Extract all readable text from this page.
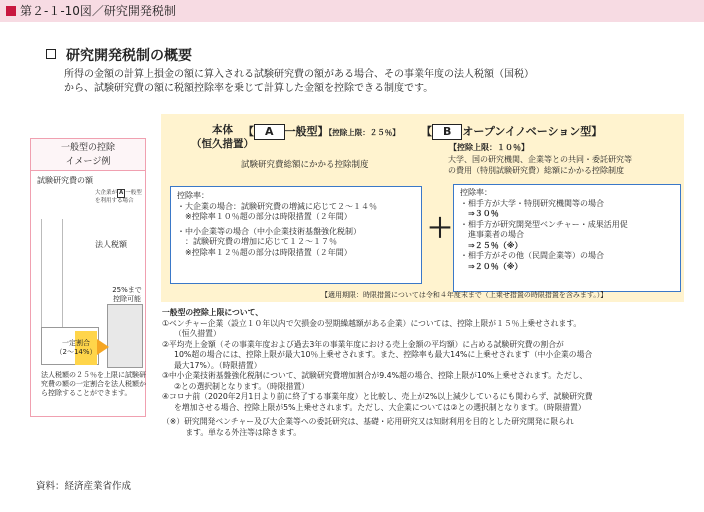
第２-１-10図／研究開発税制
研究開発税制の概要
所得の金額の計算上損金の額に算入される試験研究費の額がある場合、その事業年度の法人税額（国税）
から、試験研究費の額に税額控除率を乗じて計算した金額を控除できる制度です。
一般型の控除
イメージ例
試験研究費の額
大企業が A 一般型
を利用する場合
法人税額
25%まで
控除可能
一定割合
（2〜14%）
法人税額の２５％を上限に試験研究費の額の一定割合を法人税額から控除することができます。
本体
（恒久措置）
【 A 一般型】【控除上限：２５％】
試験研究費総額にかかる控除制度
【 B オープンイノベーション型】
【控除上限：１０％】
大学、国の研究機関、企業等との共同・委託研究等
の費用（特別試験研究費）総額にかかる控除制度
控除率：
・大企業の場合：試験研究費の増減に応じて２～１４％
　※控除率１０％超の部分は時限措置（２年間）
・中小企業等の場合（中小企業技術基盤強化税制）
　：試験研究費の増加に応じて１２～１７％
　※控除率１２％超の部分は時限措置（２年間）
＋
控除率：
・相手方が大学・特別研究機関等の場合
　⇒３０％
・相手方が研究開発型ベンチャー・成果活用促
　進事業者の場合
　⇒２５％（※）
・相手方がその他（民間企業等）の場合
　⇒２０％（※）
【適用期限：時限措置については令和４年度末まで（上乗せ措置の時限措置を含みます。）】

一般型の控除上限について、

①ベンチャー企業（設立１０年以内で欠損金の翌期繰越額がある企業）については、控除上限が１５％上乗せされます。

（恒久措置）

②平均売上金額（その事業年度および過去3年の事業年度における売上金額の平均額）に占める試験研究費の割合が

10%超の場合には、控除上限が最大10％上乗せされます。また、控除率も最大14%に上乗せされます（中小企業の場合

最大17%）。（時限措置）

③中小企業技術基盤強化税制について、試験研究費増加割合が9.4%超の場合、控除上限が10%上乗せされます。ただし、

②との選択制となります。（時限措置）

④コロナ前（2020年2月1日より前に終了する事業年度）と比較し、売上が2%以上減少しているにも関わらず、試験研究費

を増加させる場合、控除上限が5%上乗せされます。ただし、大企業については②との選択制となります。（時限措置）

（※）研究開発ベンチャー及び大企業等への委託研究は、基礎・応用研究又は知財利用を目的とした研究開発に限られ

　　　ます。単なる外注等は除きます。

資料：経済産業省作成
